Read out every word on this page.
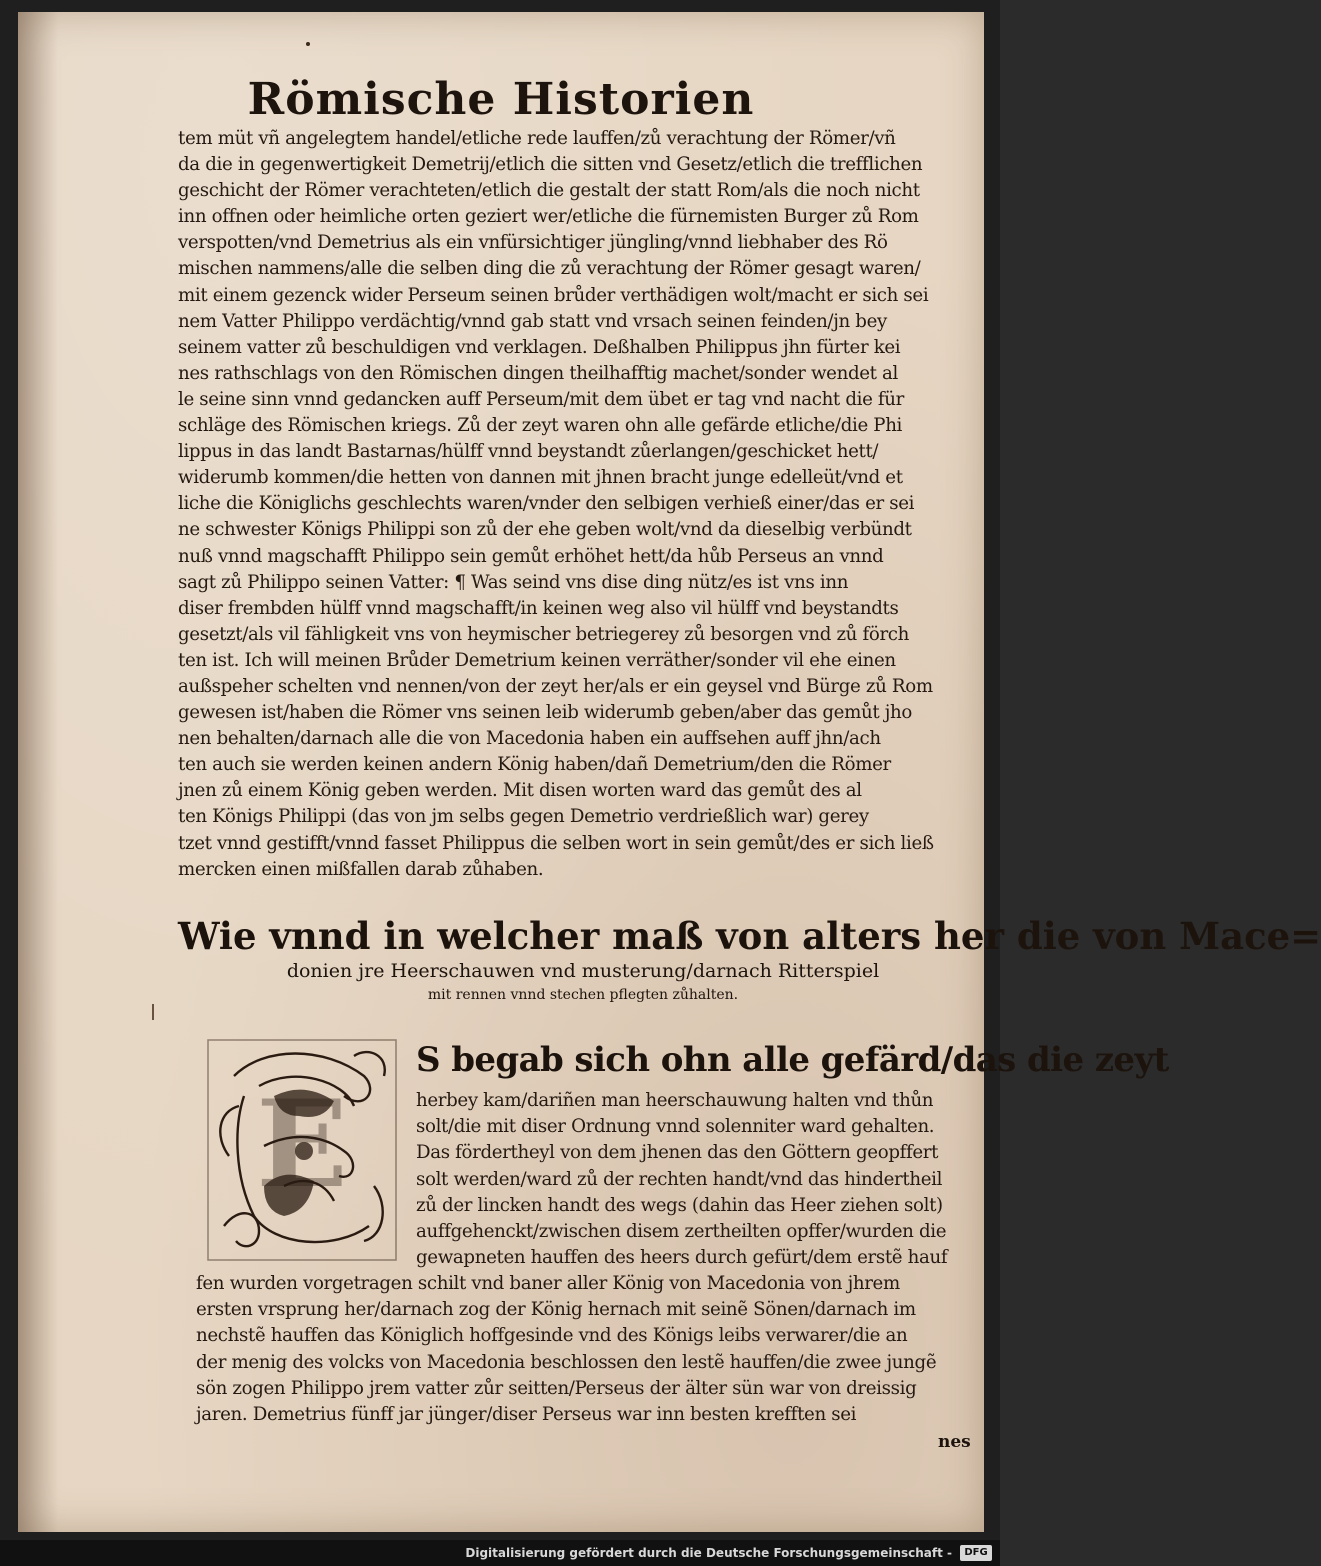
Römische Historien
tem müt vñ angelegtem handel/etliche rede lauffen/zů verachtung der Römer/vñ
da die in gegenwertigkeit Demetrij/etlich die sitten vnd Gesetz/etlich die trefflichen
geschicht der Römer verachteten/etlich die gestalt der statt Rom/als die noch nicht
inn offnen oder heimliche orten geziert wer/etliche die fürnemisten Burger zů Rom
verspotten/vnd Demetrius als ein vnfürsichtiger jüngling/vnnd liebhaber des Rö
mischen nammens/alle die selben ding die zů verachtung der Römer gesagt waren/
mit einem gezenck wider Perseum seinen brůder verthädigen wolt/macht er sich sei
nem Vatter Philippo verdächtig/vnnd gab statt vnd vrsach seinen feinden/jn bey
seinem vatter zů beschuldigen vnd verklagen. Deßhalben Philippus jhn fürter kei
nes rathschlags von den Römischen dingen theilhafftig machet/sonder wendet al
le seine sinn vnnd gedancken auff Perseum/mit dem übet er tag vnd nacht die für
schläge des Römischen kriegs. Zů der zeyt waren ohn alle gefärde etliche/die Phi
lippus in das landt Bastarnas/hülff vnnd beystandt zůerlangen/geschicket hett/
widerumb kommen/die hetten von dannen mit jhnen bracht junge edelleüt/vnd et
liche die Königlichs geschlechts waren/vnder den selbigen verhieß einer/das er sei
ne schwester Königs Philippi son zů der ehe geben wolt/vnd da dieselbig verbündt
nuß vnnd magschafft Philippo sein gemůt erhöhet hett/da hůb Perseus an vnnd
sagt zů Philippo seinen Vatter: ¶ Was seind vns dise ding nütz/es ist vns inn
diser frembden hülff vnnd magschafft/in keinen weg also vil hülff vnd beystandts
gesetzt/als vil fähligkeit vns von heymischer betriegerey zů besorgen vnd zů förch
ten ist. Ich will meinen Brůder Demetrium keinen verräther/sonder vil ehe einen
außspeher schelten vnd nennen/von der zeyt her/als er ein geysel vnd Bürge zů Rom
gewesen ist/haben die Römer vns seinen leib widerumb geben/aber das gemůt jho
nen behalten/darnach alle die von Macedonia haben ein auffsehen auff jhn/ach
ten auch sie werden keinen andern König haben/dañ Demetrium/den die Römer
jnen zů einem König geben werden. Mit disen worten ward das gemůt des al
ten Königs Philippi (das von jm selbs gegen Demetrio verdrießlich war) gerey
tzet vnnd gestifft/vnnd fasset Philippus die selben wort in sein gemůt/des er sich ließ
mercken einen mißfallen darab zůhaben.
Wie vnnd in welcher maß von alters her die von Mace=
donien jre Heerschauwen vnd musterung/darnach Ritterspiel
mit rennen vnnd stechen pflegten zůhalten.
E
S begab sich ohn alle gefärd/das die zeyt
herbey kam/dariñen man heerschauwung halten vnd thůn
solt/die mit diser Ordnung vnnd solenniter ward gehalten.
Das fördertheyl von dem jhenen das den Göttern geopffert
solt werden/ward zů der rechten handt/vnd das hindertheil
zů der lincken handt des wegs (dahin das Heer ziehen solt)
auffgehenckt/zwischen disem zertheilten opffer/wurden die
gewapneten hauffen des heers durch gefürt/dem erstẽ hauf
fen wurden vorgetragen schilt vnd baner aller König von Macedonia von jhrem
ersten vrsprung her/darnach zog der König hernach mit seinẽ Sönen/darnach im
nechstẽ hauffen das Königlich hoffgesinde vnd des Königs leibs verwarer/die an
der menig des volcks von Macedonia beschlossen den lestẽ hauffen/die zwee jungẽ
sön zogen Philippo jrem vatter zůr seitten/Perseus der älter sün war von dreissig
jaren. Demetrius fünff jar jünger/diser Perseus war inn besten krefften sei
nes
Digitalisierung gefördert durch die Deutsche Forschungsgemeinschaft -	DFG
